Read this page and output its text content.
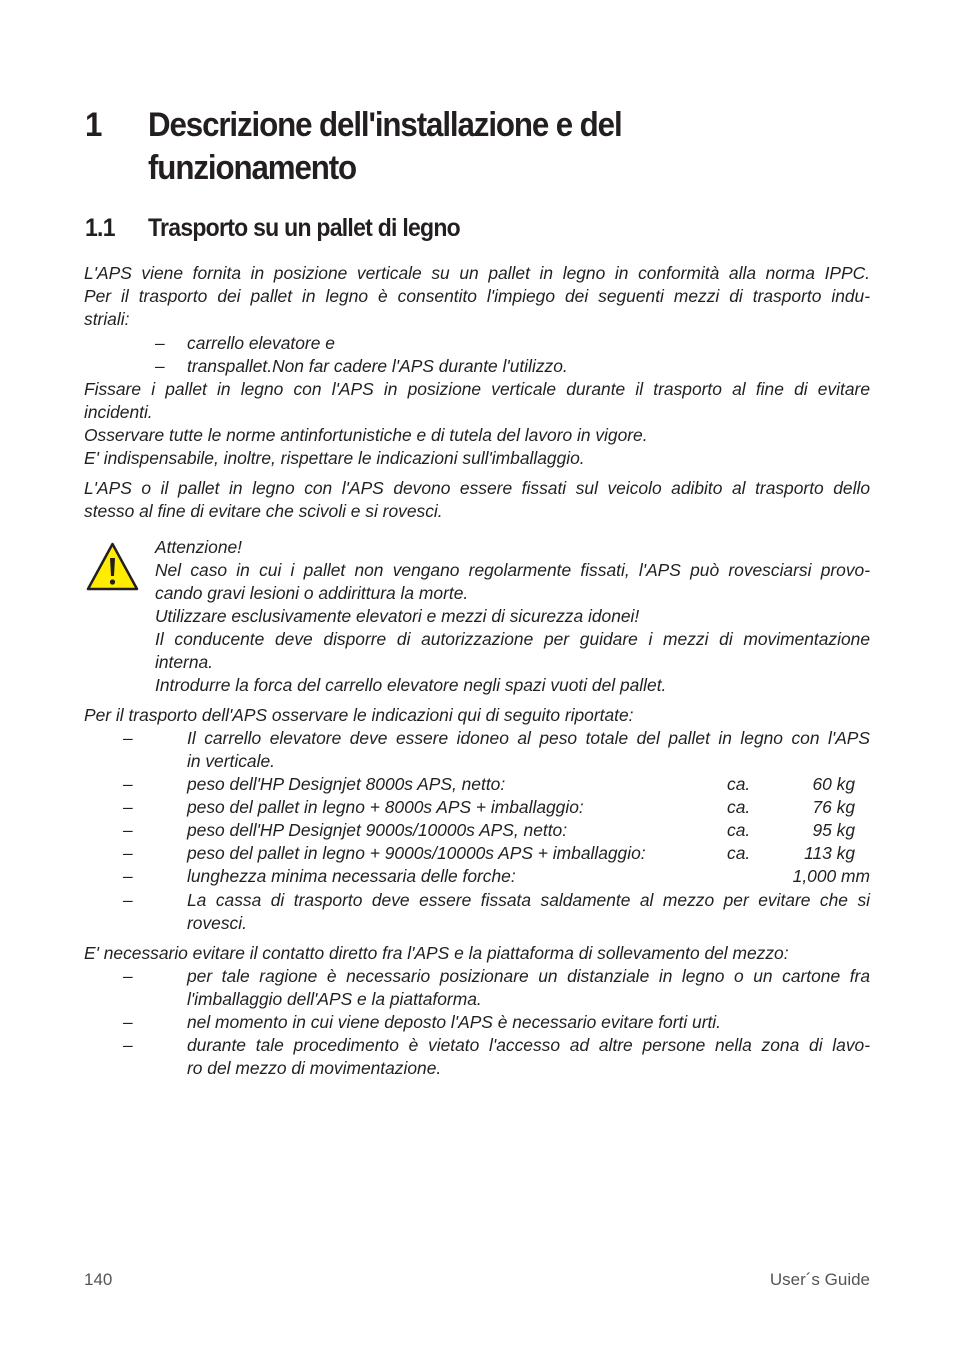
1 Descrizione dell'installazione e del
funzionamento
1.1 Trasporto su un pallet di legno
L'APS viene fornita in posizione verticale su un pallet in legno in conformità alla norma IPPC.
Per il trasporto dei pallet in legno è consentito l'impiego dei seguenti mezzi di trasporto indu-
striali:
– carrello elevatore e
– transpallet.Non far cadere l'APS durante l'utilizzo.
Fissare i pallet in legno con l'APS in posizione verticale durante il trasporto al fine di evitare
incidenti.
Osservare tutte le norme antinfortunistiche e di tutela del lavoro in vigore.
E' indispensabile, inoltre, rispettare le indicazioni sull'imballaggio.
L'APS o il pallet in legno con l'APS devono essere fissati sul veicolo adibito al trasporto dello
stesso al fine di evitare che scivoli e si rovesci.
Attenzione!
Nel caso in cui i pallet non vengano regolarmente fissati, l'APS può rovesciarsi provo-
cando gravi lesioni o addirittura la morte.
Utilizzare esclusivamente elevatori e mezzi di sicurezza idonei!
Il conducente deve disporre di autorizzazione per guidare i mezzi di movimentazione
interna.
Introdurre la forca del carrello elevatore negli spazi vuoti del pallet.
Per il trasporto dell'APS osservare le indicazioni qui di seguito riportate:
–	Il carrello elevatore deve essere idoneo al peso totale del pallet in legno con l'APS
in verticale.
–	peso dell'HP Designjet 8000s APS, netto:	ca.	60 kg
–	peso del pallet in legno + 8000s APS + imballaggio:	ca.	76 kg
–	peso dell'HP Designjet 9000s/10000s APS, netto:	ca.	95 kg
–	peso del pallet in legno + 9000s/10000s APS + imballaggio:	ca.	113 kg
–	lunghezza minima necessaria delle forche:	1,000 mm
–	La cassa di trasporto deve essere fissata saldamente al mezzo per evitare che si
rovesci.
E' necessario evitare il contatto diretto fra l'APS e la piattaforma di sollevamento del mezzo:
–	per tale ragione è necessario posizionare un distanziale in legno o un cartone fra
l'imballaggio dell'APS e la piattaforma.
–	nel momento in cui viene deposto l'APS è necessario evitare forti urti.
–	durante tale procedimento è vietato l'accesso ad altre persone nella zona di lavo-
ro del mezzo di movimentazione.
140	User´s Guide
